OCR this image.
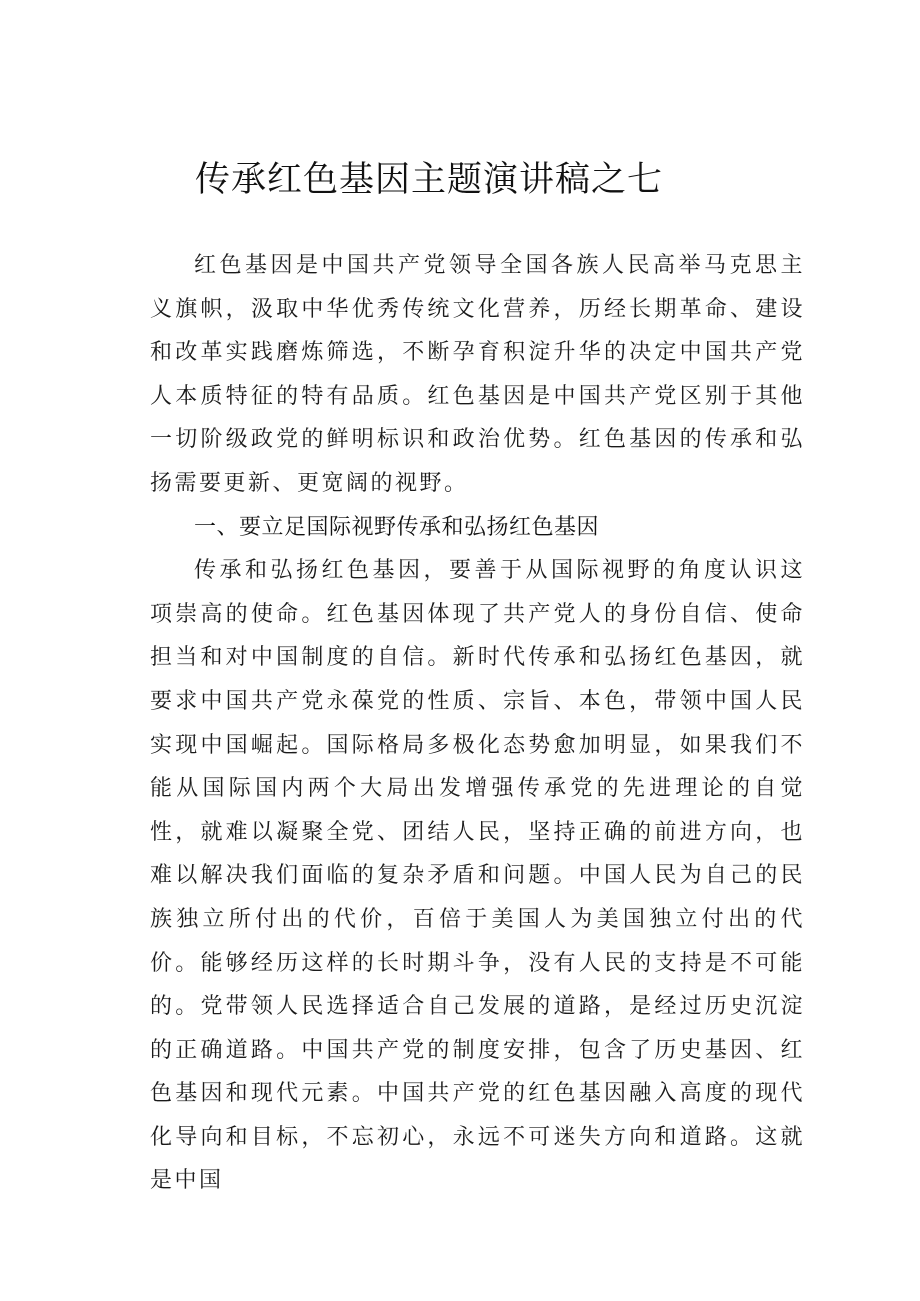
传承红色基因主题演讲稿之七

红色基因是中国共产党领导全国各族人民高举马克思主义旗帜，汲取中华优秀传统文化营养，历经长期革命、建设和改革实践磨炼筛选，不断孕育积淀升华的决定中国共产党人本质特征的特有品质。红色基因是中国共产党区别于其他一切阶级政党的鲜明标识和政治优势。红色基因的传承和弘扬需要更新、更宽阔的视野。

一、要立足国际视野传承和弘扬红色基因

传承和弘扬红色基因，要善于从国际视野的角度认识这项崇高的使命。红色基因体现了共产党人的身份自信、使命担当和对中国制度的自信。新时代传承和弘扬红色基因，就要求中国共产党永葆党的性质、宗旨、本色，带领中国人民实现中国崛起。国际格局多极化态势愈加明显，如果我们不能从国际国内两个大局出发增强传承党的先进理论的自觉性，就难以凝聚全党、团结人民，坚持正确的前进方向，也难以解决我们面临的复杂矛盾和问题。中国人民为自己的民族独立所付出的代价，百倍于美国人为美国独立付出的代价。能够经历这样的长时期斗争，没有人民的支持是不可能的。党带领人民选择适合自己发展的道路，是经过历史沉淀的正确道路。中国共产党的制度安排，包含了历史基因、红色基因和现代元素。中国共产党的红色基因融入高度的现代化导向和目标，不忘初心，永远不可迷失方向和道路。这就是中国
